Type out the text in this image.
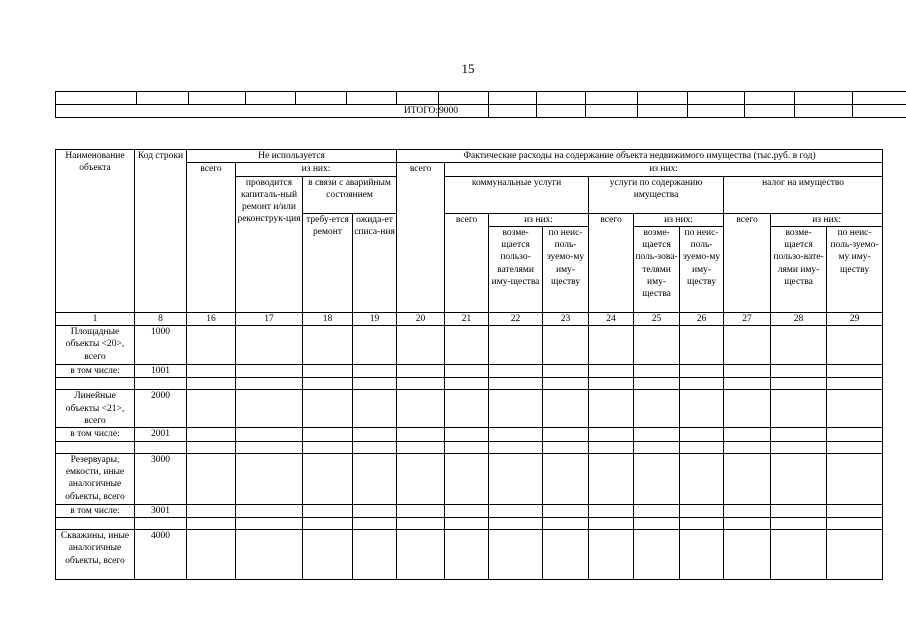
15

ИТОГО:							9000								
Наименование объекта	Код строки	Не используется				Фактические расходы на содержание объекта недвижимого имущества (тыс.руб. в год)									
		всего	из них:			всего	из них:								
			проводится капиталь-ный ремонт и/или реконструк-ция	в связи с аварийным состоянием			коммунальные услуги			услуги по содержанию имущества			налог на имущество		
				требу-ется ремонт	ожида-ет списа-ния		всего	из них:		всего	из них:		всего	из них:	
								возме-щается пользо-вателями иму-щества	по неис-поль-зуемо-му иму-ществу		возме-щается поль-зова-телями иму-щества	по неис-поль-зуемо-му иму-ществу		возме-щается пользо-вате-лями иму-щества	по неис-поль-зуемо-му иму-ществу
1	8	16	17	18	19	20	21	22	23	24	25	26	27	28	29
Площадные объекты <20>, всего	1000														
в том числе:	1001														

Линейные объекты <21>, всего	2000														
в том числе:	2001														

Резервуары, емкости, иные аналогичные объекты, всего	3000														
в том числе:	3001														

Скважины, иные аналогичные объекты, всего	4000														
